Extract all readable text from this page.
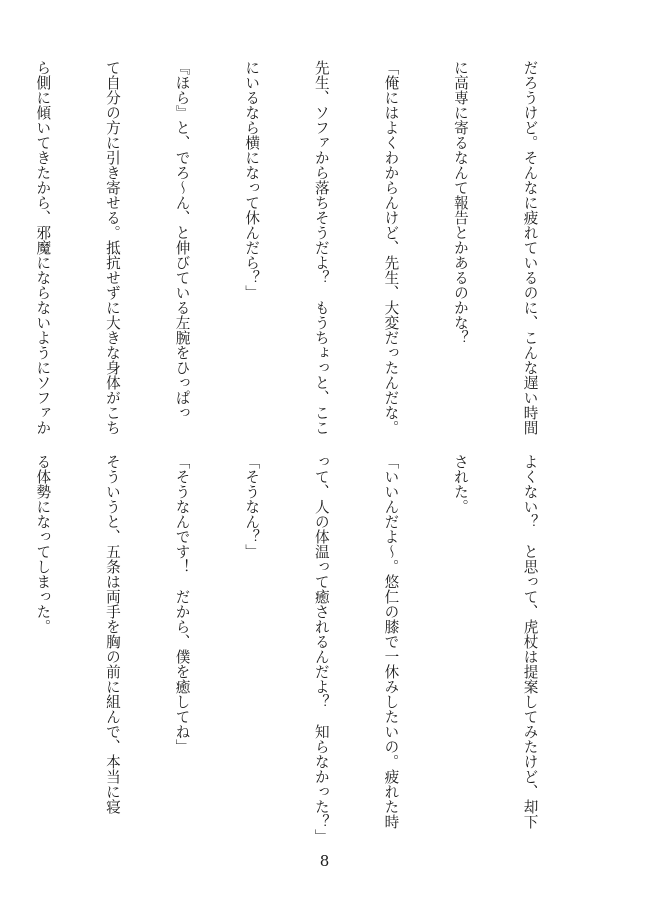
だろうけど。そんなに疲れているのに、こんな遅い時間

に高専に寄るなんて報告とかあるのかな？

「俺にはよくわからんけど、先生、大変だったんだな。

先生、ソファから落ちそうだよ？　もうちょっと、ここ

にいるなら横になって休んだら？」

『ほら』と、でろ～ん、と伸びている左腕をひっぱっ

て自分の方に引き寄せる。抵抗せずに大きな身体がこち

ら側に傾いてきたから、邪魔にならないようにソファか

よくない？　と思って、虎杖は提案してみたけど、却下

された。

「いいんだよ～。悠仁の膝で一休みしたいの。疲れた時

って、人の体温って癒されるんだよ？　知らなかった？」

「そうなん？」

「そうなんです！　だから、僕を癒してね」

そういうと、五条は両手を胸の前に組んで、本当に寝

る体勢になってしまった。

8
